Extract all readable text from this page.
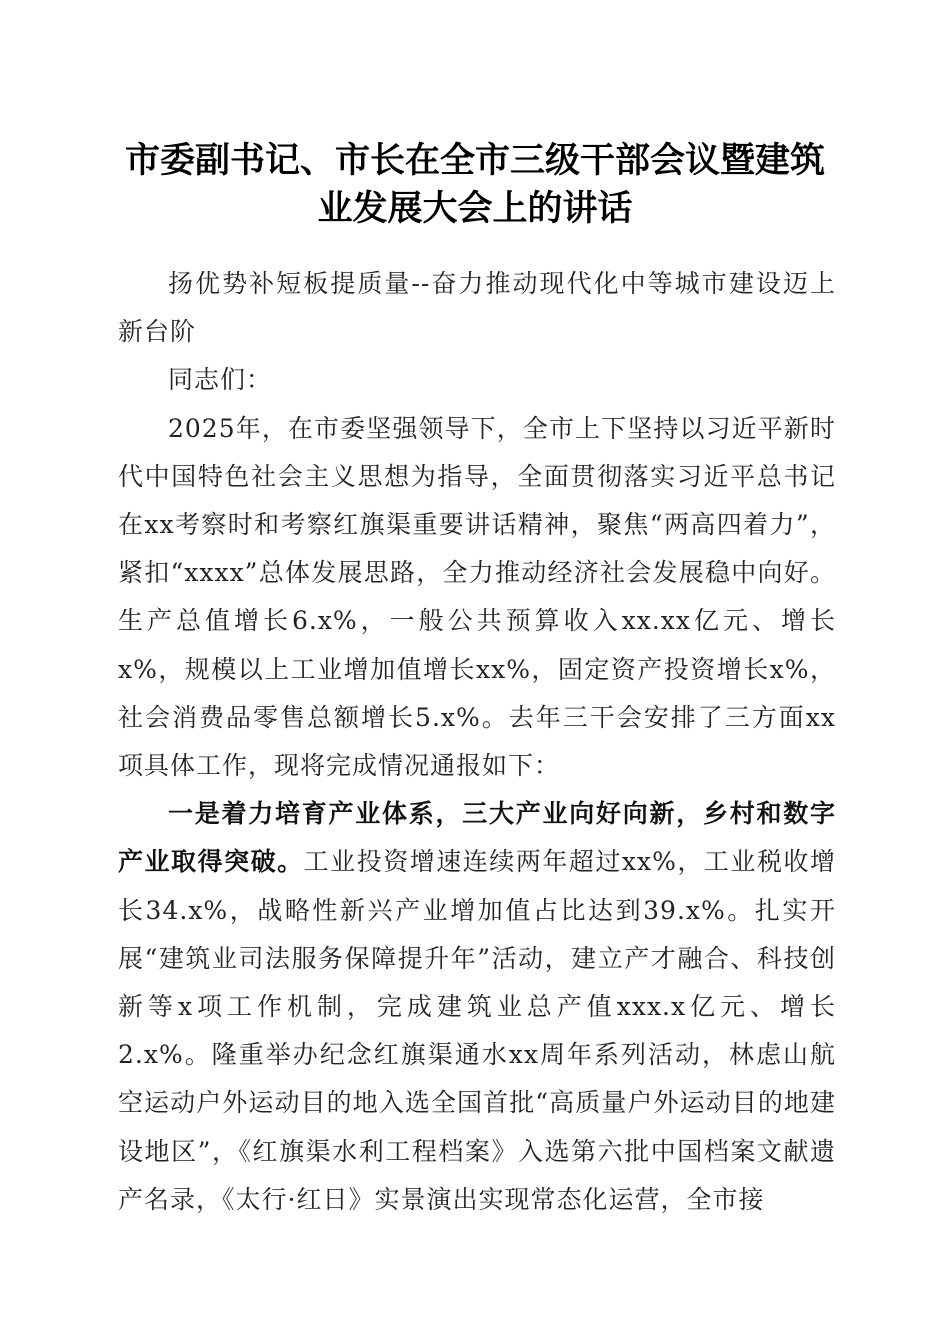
市委副书记、市长在全市三级干部会议暨建筑
业发展大会上的讲话

扬优势补短板提质量--奋力推动现代化中等城市建设迈上新台阶

同志们：

2025年，在市委坚强领导下，全市上下坚持以习近平新时代中国特色社会主义思想为指导，全面贯彻落实习近平总书记在xx考察时和考察红旗渠重要讲话精神，聚焦“两高四着力”，紧扣“xxxx”总体发展思路，全力推动经济社会发展稳中向好。生产总值增长6.x%，一般公共预算收入xx.xx亿元、增长x%，规模以上工业增加值增长xx%，固定资产投资增长x%，社会消费品零售总额增长5.x%。去年三干会安排了三方面xx项具体工作，现将完成情况通报如下：

一是着力培育产业体系，三大产业向好向新，乡村和数字产业取得突破。工业投资增速连续两年超过xx%，工业税收增长34.x%，战略性新兴产业增加值占比达到39.x%。扎实开展“建筑业司法服务保障提升年”活动，建立产才融合、科技创新等x项工作机制，完成建筑业总产值xxx.x亿元、增长2.x%。隆重举办纪念红旗渠通水xx周年系列活动，林虑山航空运动户外运动目的地入选全国首批“高质量户外运动目的地建设地区”，《红旗渠水利工程档案》入选第六批中国档案文献遗产名录，《太行·红日》实景演出实现常态化运营，全市接
